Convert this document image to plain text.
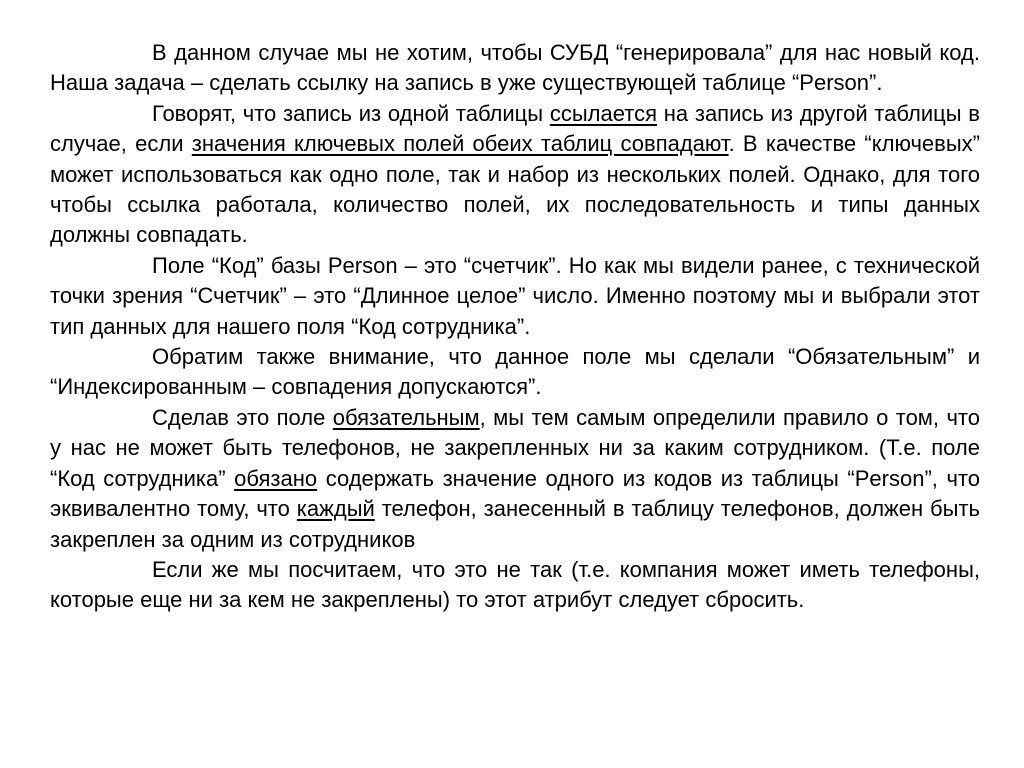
В данном случае мы не хотим, чтобы СУБД “генерировала” для нас новый код. Наша задача – сделать ссылку на запись в уже существующей таблице “Person”.

Говорят, что запись из одной таблицы ссылается на запись из другой таблицы в случае, если значения ключевых полей обеих таблиц совпадают. В качестве “ключевых” может использоваться как одно поле, так и набор из нескольких полей. Однако, для того чтобы ссылка работала, количество полей, их последовательность и типы данных должны совпадать.

Поле “Код” базы Person – это “счетчик”. Но как мы видели ранее, с технической точки зрения “Счетчик” – это “Длинное целое” число. Именно поэтому мы и выбрали этот тип данных для нашего поля “Код сотрудника”.

Обратим также внимание, что данное поле мы сделали “Обязательным” и “Индексированным – совпадения допускаются”.

Сделав это поле обязательным, мы тем самым определили правило о том, что у нас не может быть телефонов, не закрепленных ни за каким сотрудником. (Т.е. поле “Код сотрудника” обязано содержать значение одного из кодов из таблицы “Person”, что эквивалентно тому, что каждый телефон, занесенный в таблицу телефонов, должен быть закреплен за одним из сотрудников

Если же мы посчитаем, что это не так (т.е. компания может иметь телефоны, которые еще ни за кем не закреплены) то этот атрибут следует сбросить.
